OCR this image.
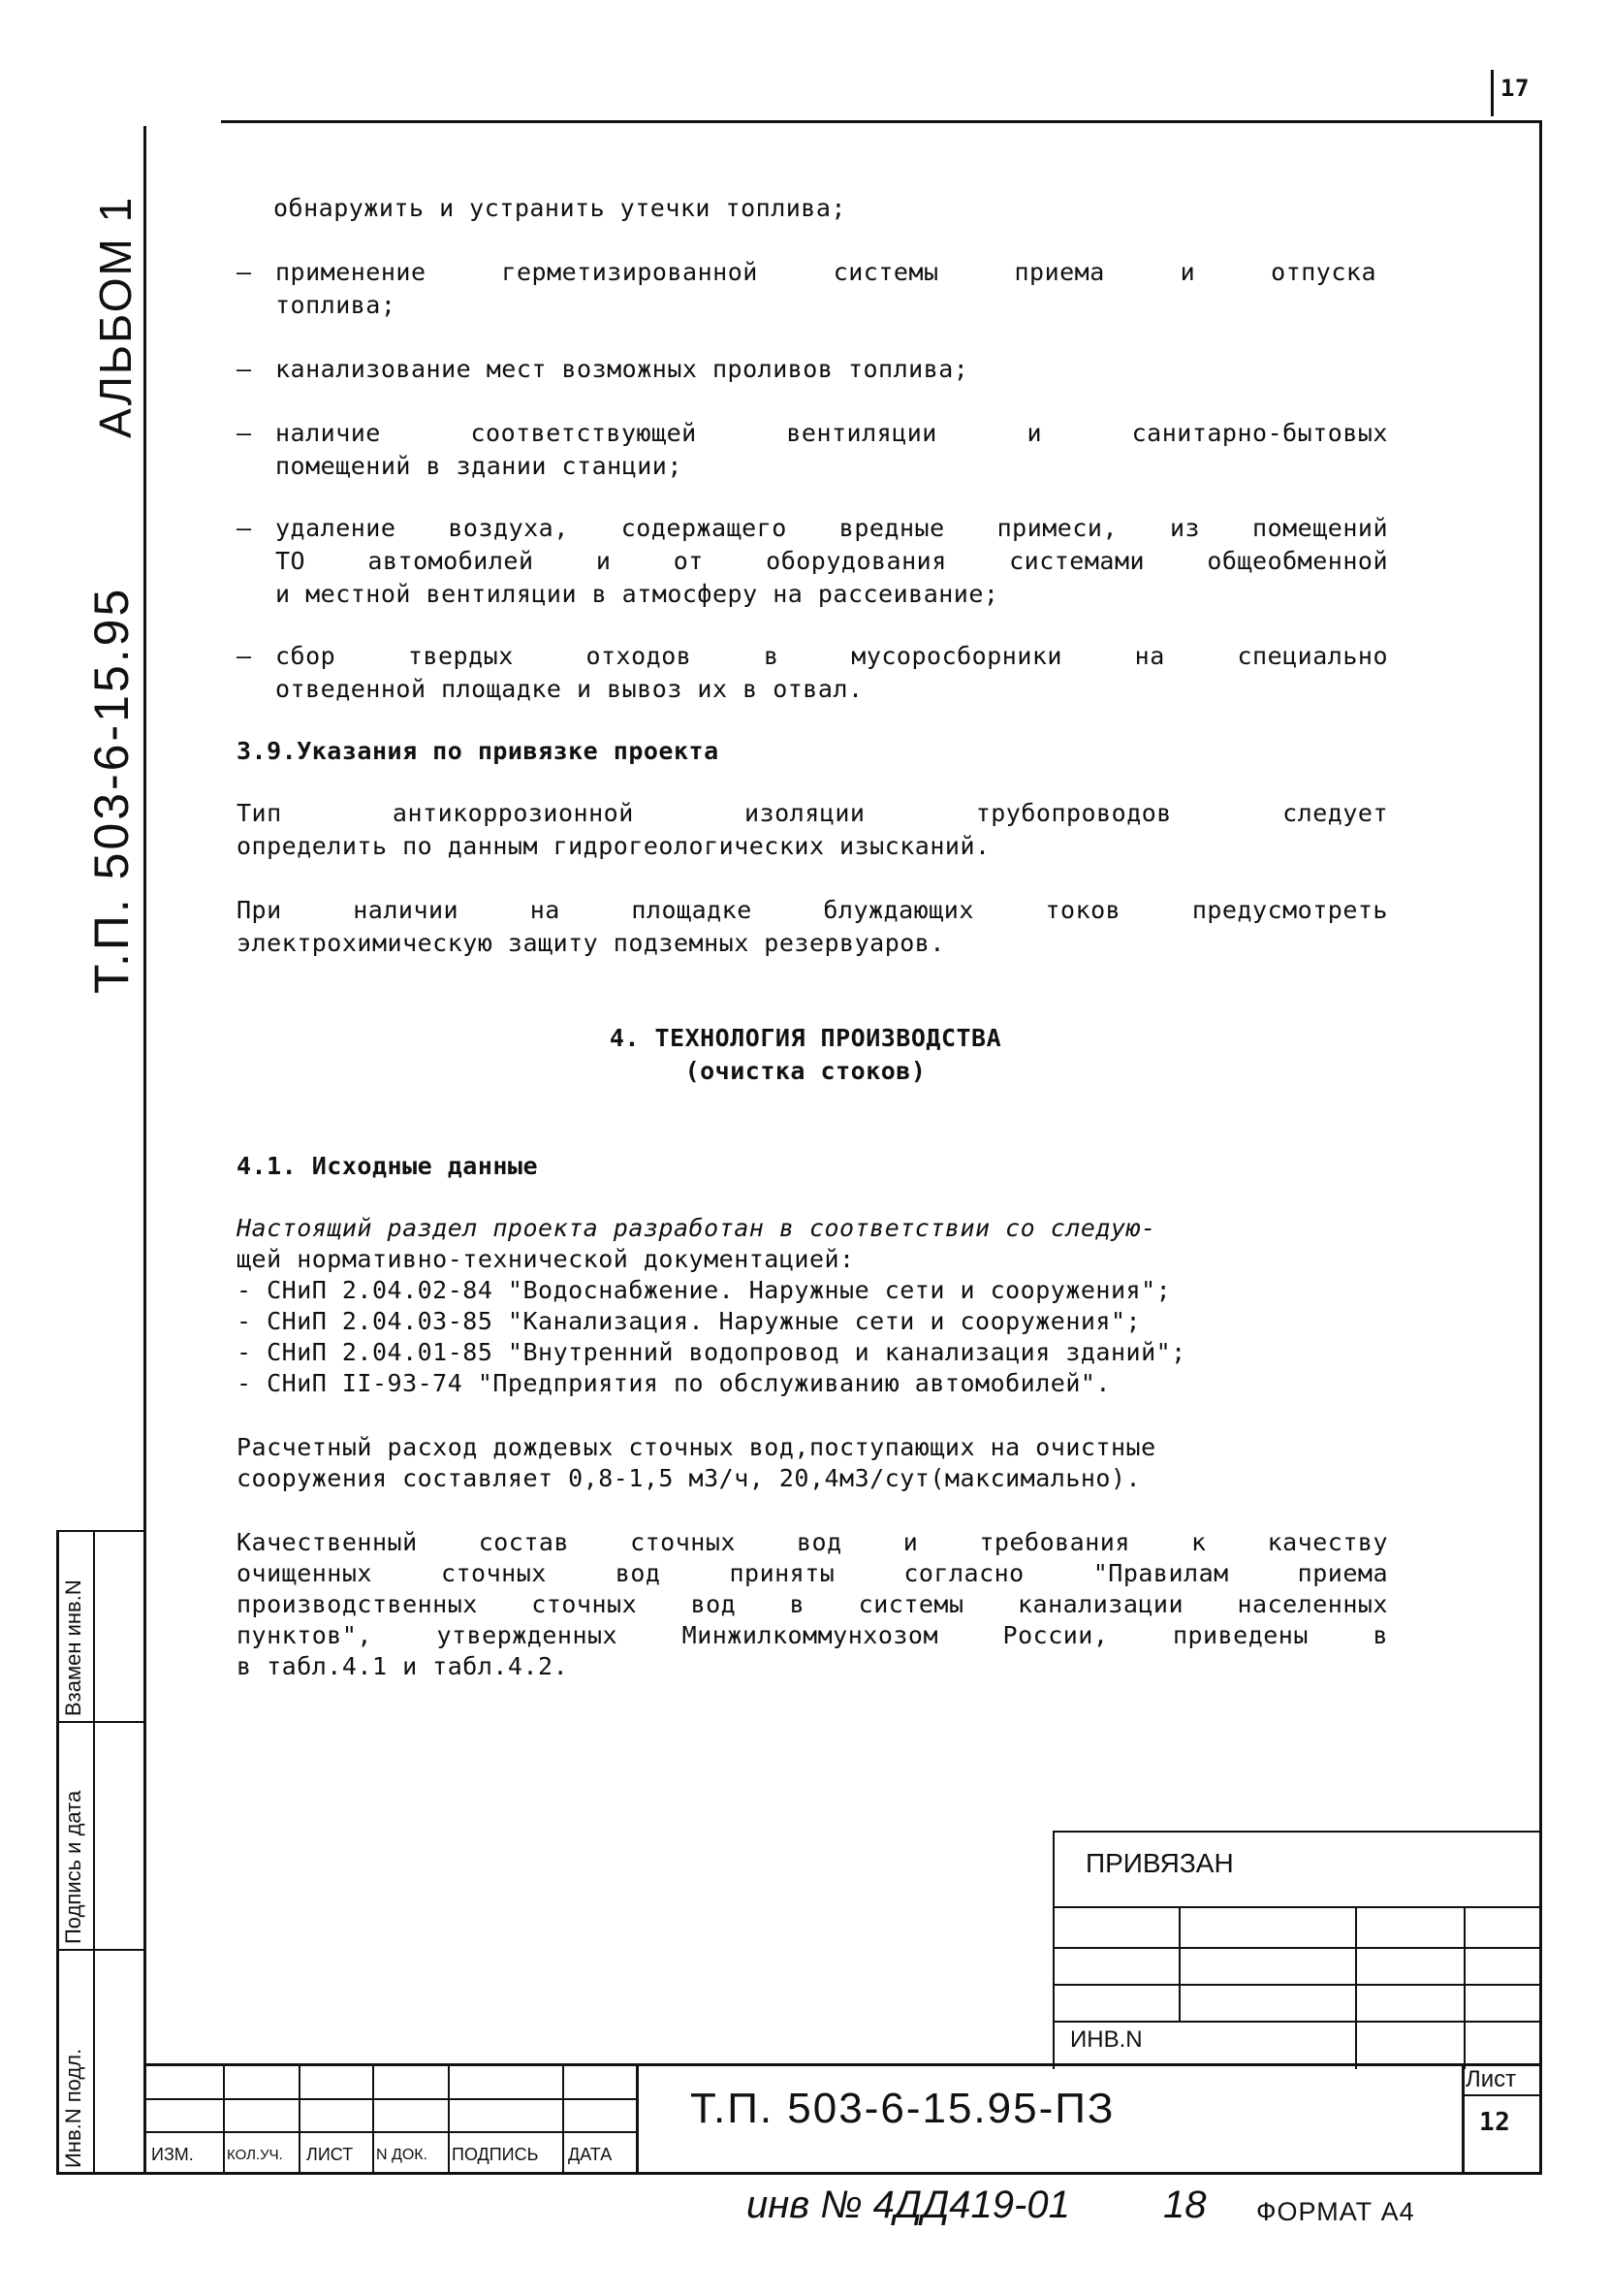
17
АЛЬБОМ 1
Т.П. 503-6-15.95
Взамен инв.N
Подпись и дата
Инв.N подл.
обнаружить и устранить утечки топлива;
– применение герметизированной системы приема и отпуска
топлива;
– канализование мест возможных проливов топлива;
– наличие соответствующей вентиляции и санитарно-бытовых
помещений в здании станции;
– удаление воздуха, содержащего вредные примеси, из помещений
ТО автомобилей и от оборудования системами общеобменной
и местной вентиляции в атмосферу на рассеивание;
– сбор твердых отходов в мусоросборники на специально
отведенной площадке и вывоз их в отвал.
3.9.Указания по привязке проекта
Тип антикоррозионной изоляции трубопроводов следует
определить по данным гидрогеологических изысканий.
При наличии на площадке блуждающих токов предусмотреть
электрохимическую защиту подземных резервуаров.
4. ТЕХНОЛОГИЯ ПРОИЗВОДСТВА
(очистка стоков)
4.1. Исходные данные
Настоящий раздел проекта разработан в соответствии со следую-
щей нормативно-технической документацией:
- СНиП 2.04.02-84 "Водоснабжение. Наружные сети и сооружения";
- СНиП 2.04.03-85 "Канализация. Наружные сети и сооружения";
- СНиП 2.04.01-85 "Внутренний водопровод и канализация зданий";
- СНиП II-93-74 "Предприятия по обслуживанию автомобилей".
Расчетный расход дождевых сточных вод,поступающих на очистные
сооружения составляет 0,8-1,5 м3/ч, 20,4м3/сут(максимально).
Качественный состав сточных вод и требования к качеству
очищенных сточных вод приняты согласно "Правилам приема
производственных сточных вод в системы канализации населенных
пунктов", утвержденных Минжилкоммунхозом России, приведены в
в табл.4.1 и табл.4.2.
ПРИВЯЗАН
ИНВ.N
ИЗМ. КОЛ.УЧ. ЛИСТ N ДОК. ПОДПИСЬ ДАТА
Т.П. 503-6-15.95-ПЗ
Лист
12
инв № 4ДД419-01 18 ФОРМАТ А4
